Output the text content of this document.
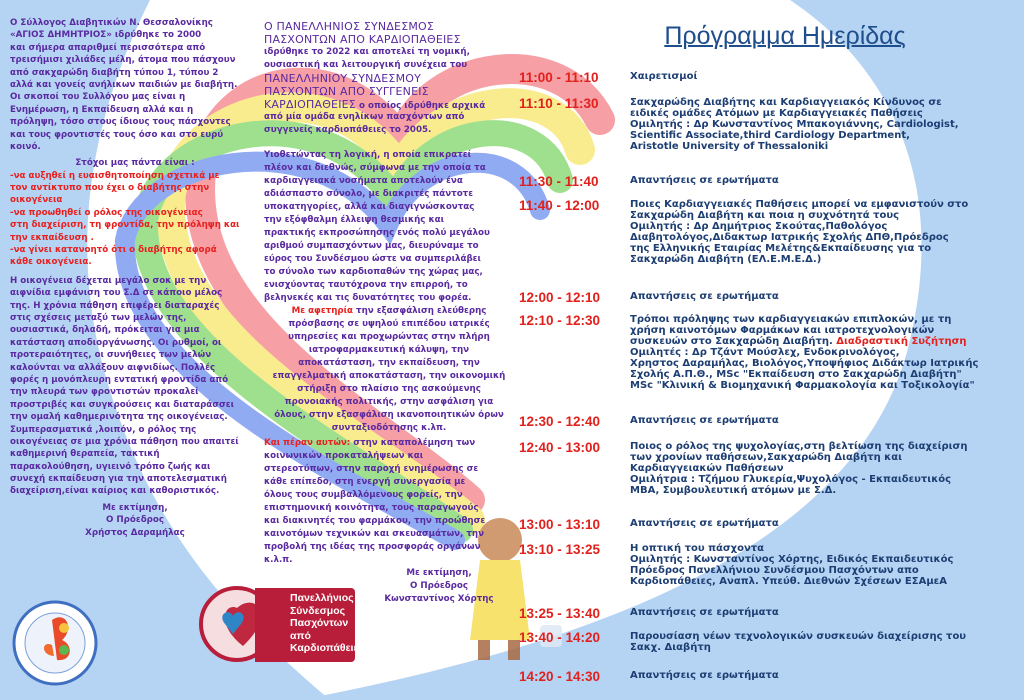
Ο Σύλλογος Διαβητικών Ν. Θεσσαλονίκης
«ΑΓΙΟΣ ΔΗΜΗΤΡΙΟΣ» ιδρύθηκε το 2000
και σήμερα απαριθμεί περισσότερα από
τρεισήμισι χιλιάδες μέλη, άτομα που πάσχουν
από σακχαρώδη διαβήτη τύπου 1, τύπου 2
αλλά και γονείς ανήλικων παιδιών με διαβήτη.
Οι σκοποί του Συλλόγου μας είναι η
Ενημέρωση, η Εκπαίδευση αλλά και η
πρόληψη, τόσο στους ίδιους τους πάσχοντες
και τους φροντιστές τους όσο και στο ευρύ
κοινό.
Στόχοι μας πάντα είναι :
-να αυξηθεί η ευαισθητοποίηση σχετικά με
τον αντίκτυπο που έχει ο διαβήτης στην
οικογένεια
-να προωθηθεί ο ρόλος της οικογένειας
στη διαχείριση, τη φροντίδα, την πρόληψη και
την εκπαίδευση .
-να γίνει κατανοητό ότι ο διαβήτης αφορά
κάθε οικογένεια.
Η οικογένεια δέχεται μεγάλο σοκ με την
αιφνίδια εμφάνιση του Σ.Δ σε κάποιο μέλος
της. Η χρόνια πάθηση επιφέρει διαταραχές
στις σχέσεις μεταξύ των μελών της,
ουσιαστικά, δηλαδή, πρόκειται για μια
κατάσταση αποδιοργάνωσης. Οι ρυθμοί, οι
προτεραιότητες, οι συνήθειες των μελών
καλούνται να αλλάξουν αιφνιδίως. Πολλές
φορές η μονόπλευρη εντατική φροντίδα από
την πλευρά των φροντιστών προκαλεί
προστριβές και συγκρούσεις και διαταράσσει
την ομαλή καθημερινότητα της οικογένειας.
Συμπερασματικά ,λοιπόν, ο ρόλος της
οικογένειας σε μια χρόνια πάθηση που απαιτεί
καθημερινή θεραπεία, τακτική
παρακολούθηση, υγιεινό τρόπο ζωής και
συνεχή εκπαίδευση για την αποτελεσματική
διαχείριση,είναι καίριος και καθοριστικός.
Με εκτίμηση,
Ο Πρόεδρος
Χρήστος Δαραμήλας
Ο ΠΑΝΕΛΛΗΝΙΟΣ ΣΥΝΔΕΣΜΟΣ
ΠΑΣΧΟΝΤΩΝ ΑΠΟ ΚΑΡΔΙΟΠΑΘΕΙΕΣ
ιδρύθηκε το 2022 και αποτελεί τη νομική,
ουσιαστική και λειτουργική συνέχεια του
ΠΑΝΕΛΛΗΝΙΟΥ ΣΥΝΔΕΣΜΟΥ
ΠΑΣΧΟΝΤΩΝ ΑΠΟ ΣΥΓΓΕΝΕΙΣ
ΚΑΡΔΙΟΠΑΘΕΙΕΣ ο οποίος ιδρύθηκε αρχικά
από μία ομάδα ενηλίκων πασχόντων από
συγγενείς καρδιοπάθειες το 2005.
Υιοθετώντας τη λογική, η οποία επικρατεί
πλέον και διεθνώς, σύμφωνα με την οποία τα
καρδιαγγειακά νοσήματα αποτελούν ένα
αδιάσπαστο σύνολο, με διακριτές πάντοτε
υποκατηγορίες, αλλά και διαγιγνώσκοντας
την εξόφθαλμη έλλειψη θεσμικής και
πρακτικής εκπροσώπησης ενός πολύ μεγάλου
αριθμού συμπασχόντων μας, διευρύναμε το
εύρος του Συνδέσμου ώστε να συμπεριλάβει
το σύνολο των καρδιοπαθών της χώρας μας,
ενισχύοντας ταυτόχρονα την επιρροή, το
βεληνεκές και τις δυνατότητες του φορέα.
Με αφετηρία την εξασφάλιση ελεύθερης
πρόσβασης σε υψηλού επιπέδου ιατρικές
υπηρεσίες και προχωρώντας στην πλήρη
ιατροφαρμακευτική κάλυψη, την
αποκατάσταση, την εκπαίδευση, την
επαγγελματική αποκατάσταση, την οικονομική
στήριξη στο πλαίσιο της ασκούμενης
προνοιακής πολιτικής, στην ασφάλιση για
όλους, στην εξασφάλιση ικανοποιητικών όρων
συνταξιοδότησης κ.λπ.
Και πέραν αυτών: στην καταπολέμηση των
κοινωνικών προκαταλήψεων και
στερεοτύπων, στην παροχή ενημέρωσης σε
κάθε επίπεδο, στη ενεργή συνεργασία με
όλους τους συμβαλλόμενους φορείς, την
επιστημονική κοινότητα, τους παραγωγούς
και διακινητές του φαρμάκου, την προώθησε
καινοτόμων τεχνικών και σκευασμάτων, την
προβολή της ιδέας της προσφοράς οργάνων
κ.λ.π.
Με εκτίμηση,
Ο Πρόεδρος
Κωνσταντίνος Χόρτης
Πρόγραμμα Ημερίδας
11:00 - 11:10	Χαιρετισμοί
11:10 - 11:30	Σακχαρώδης Διαβήτης και Καρδιαγγειακός Κίνδυνος σε
ειδικές ομάδες Ατόμων με Καρδιαγγειακές Παθήσεις
Ομιλητής : Δρ Κωνσταντίνος Μπακογιάννης, Cardiologist,
Scientific Associate,third Cardiology Department,
Aristotle University of Thessaloniki
11:30 - 11:40	Απαντήσεις σε ερωτήματα
11:40 - 12:00	Ποιες Καρδιαγγειακές Παθήσεις μπορεί να εμφανιστούν στο
Σακχαρώδη Διαβήτη και ποια η συχνότητά τους
Ομιλητής : Δρ Δημήτριος Σκούτας,Παθολόγος
Διαβητολόγος,Διδακτωρ Ιατρικής Σχολής ΔΠΘ,Πρόεδρος
της Ελληνικής Εταιρίας Μελέτης&Εκπαίδευσης για το
Σακχαρώδη Διαβήτη (ΕΛ.Ε.Μ.Ε.Δ.)
12:00 - 12:10	Απαντήσεις σε ερωτήματα
12:10 - 12:30	Τρόποι πρόληψης των καρδιαγγειακών επιπλοκών, με τη
χρήση καινοτόμων Φαρμάκων και ιατροτεχνολογικών
συσκευών στο Σακχαρώδη Διαβήτη. Διαδραστική Συζήτηση
Ομιλητές : Δρ Τζάντ Μούσλεχ, Ενδοκρινολόγος,
Χρηστος Δαραμήλας, Βιολόγος,Υποψήφιος Διδάκτωρ Ιατρικής
Σχολής Α.Π.Θ., MSc "Εκπαίδευση στο Σακχαρώδη Διαβήτη"
MSc "Κλινική & Βιομηχανική Φαρμακολογία και Τοξικολογία"
12:30 - 12:40	Απαντήσεις σε ερωτήματα
12:40 - 13:00	Ποιος ο ρόλος της ψυχολογίας,στη βελτίωση της διαχείριση
των χρονίων παθήσεων,Σακχαρώδη Διαβήτη και
Καρδιαγγειακών Παθήσεων
Ομιλήτρια : Τζήμου Γλυκερία,Ψυχολόγος - Εκπαιδευτικός
MBA, Συμβουλευτική ατόμων με Σ.Δ.
13:00 - 13:10	Απαντήσεις σε ερωτήματα
13:10 - 13:25	Η οπτική του πάσχοντα
Ομιλητής : Κωνσταντίνος Χόρτης, Ειδικός Εκπαιδευτικός
Πρόεδρος Πανελλήνιου Συνδέσμου Πασχόντων απο
Καρδιοπάθειες, Αναπλ. Υπεύθ. Διεθνών Σχέσεων ΕΣΑμεΑ
13:25 - 13:40	Απαντήσεις σε ερωτήματα
13:40 - 14:20	Παρουσίαση νέων τεχνολογικών συσκευών διαχείρισης του
Σακχ. Διαβήτη
14:20 - 14:30	Απαντήσεις σε ερωτήματα
Πανελλήνιος
Σύνδεσμος
Πασχόντων
από
Καρδιοπάθειες
